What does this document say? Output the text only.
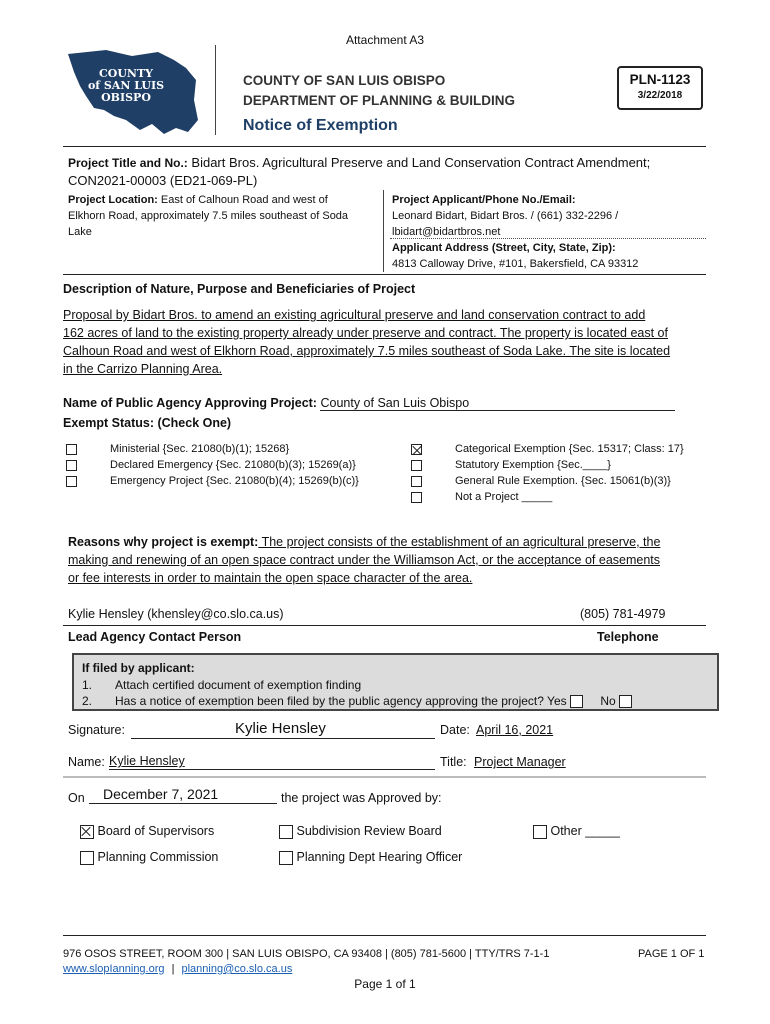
Attachment A3
COUNTY
of SAN LUIS
OBISPO
COUNTY OF SAN LUIS OBISPO
DEPARTMENT OF PLANNING & BUILDING
Notice of Exemption
PLN-1123
3/22/2018
Project Title and No.: Bidart Bros. Agricultural Preserve and Land Conservation Contract Amendment;
CON2021-00003 (ED21-069-PL)
Project Location: East of Calhoun Road and west of
Elkhorn Road, approximately 7.5 miles southeast of Soda
Lake
Project Applicant/Phone No./Email:
Leonard Bidart, Bidart Bros. / (661) 332-2296 /
lbidart@bidartbros.net
Applicant Address (Street, City, State, Zip):
4813 Calloway Drive, #101, Bakersfield, CA 93312
Description of Nature, Purpose and Beneficiaries of Project
Proposal by Bidart Bros. to amend an existing agricultural preserve and land conservation contract to add
162 acres of land to the existing property already under preserve and contract. The property is located east of
Calhoun Road and west of Elkhorn Road, approximately 7.5 miles southeast of Soda Lake. The site is located
in the Carrizo Planning Area.
Name of Public Agency Approving Project: County of San Luis Obispo
Exempt Status: (Check One)
Ministerial {Sec. 21080(b)(1); 15268}
Declared Emergency {Sec. 21080(b)(3); 15269(a)}
Emergency Project {Sec. 21080(b)(4); 15269(b)(c)}
Categorical Exemption {Sec. 15317; Class: 17}
Statutory Exemption {Sec.____}
General Rule Exemption. {Sec. 15061(b)(3)}
Not a Project _____
Reasons why project is exempt: The project consists of the establishment of an agricultural preserve, the
making and renewing of an open space contract under the Williamson Act, or the acceptance of easements
or fee interests in order to maintain the open space character of the area.
Kylie Hensley (khensley@co.slo.ca.us)	(805) 781-4979
Lead Agency Contact Person	Telephone
If filed by applicant:
1. Attach certified document of exemption finding
2. Has a notice of exemption been filed by the public agency approving the project? Yes	No
Signature:	Kylie Hensley	Date: April 16, 2021
Name: Kylie Hensley	Title: Project Manager
On December 7, 2021	the project was Approved by:
Board of Supervisors	Subdivision Review Board	Other _____
Planning Commission	Planning Dept Hearing Officer
976 OSOS STREET, ROOM 300 | SAN LUIS OBISPO, CA 93408 | (805) 781-5600 | TTY/TRS 7-1-1	PAGE 1 OF 1
www.slopIanning.org | planning@co.slo.ca.us
Page 1 of 1
